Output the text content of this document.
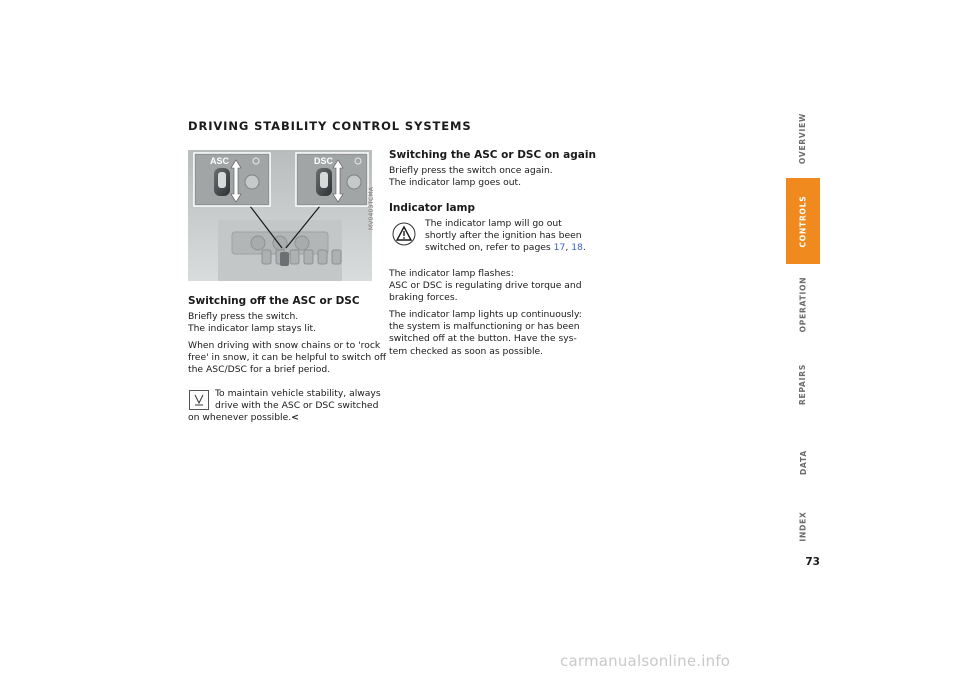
DRIVING STABILITY CONTROL SYSTEMS
ASC	DSC
MV0403TCMA
Switching off the ASC or DSC
Briefly press the switch.
The indicator lamp stays lit.
When driving with snow chains or to 'rock
free' in snow, it can be helpful to switch off
the ASC/DSC for a brief period.
To maintain vehicle stability, always
drive with the ASC or DSC switched
on whenever possible.<
Switching the ASC or DSC on again
Briefly press the switch once again.
The indicator lamp goes out.
Indicator lamp
The indicator lamp will go out
shortly after the ignition has been
switched on, refer to pages 17, 18.
The indicator lamp flashes:
ASC or DSC is regulating drive torque and
braking forces.
The indicator lamp lights up continuously:
the system is malfunctioning or has been
switched off at the button. Have the sys-
tem checked as soon as possible.
OVERVIEW
CONTROLS
OPERATION
REPAIRS
DATA
INDEX
73
carmanualsonline.info
